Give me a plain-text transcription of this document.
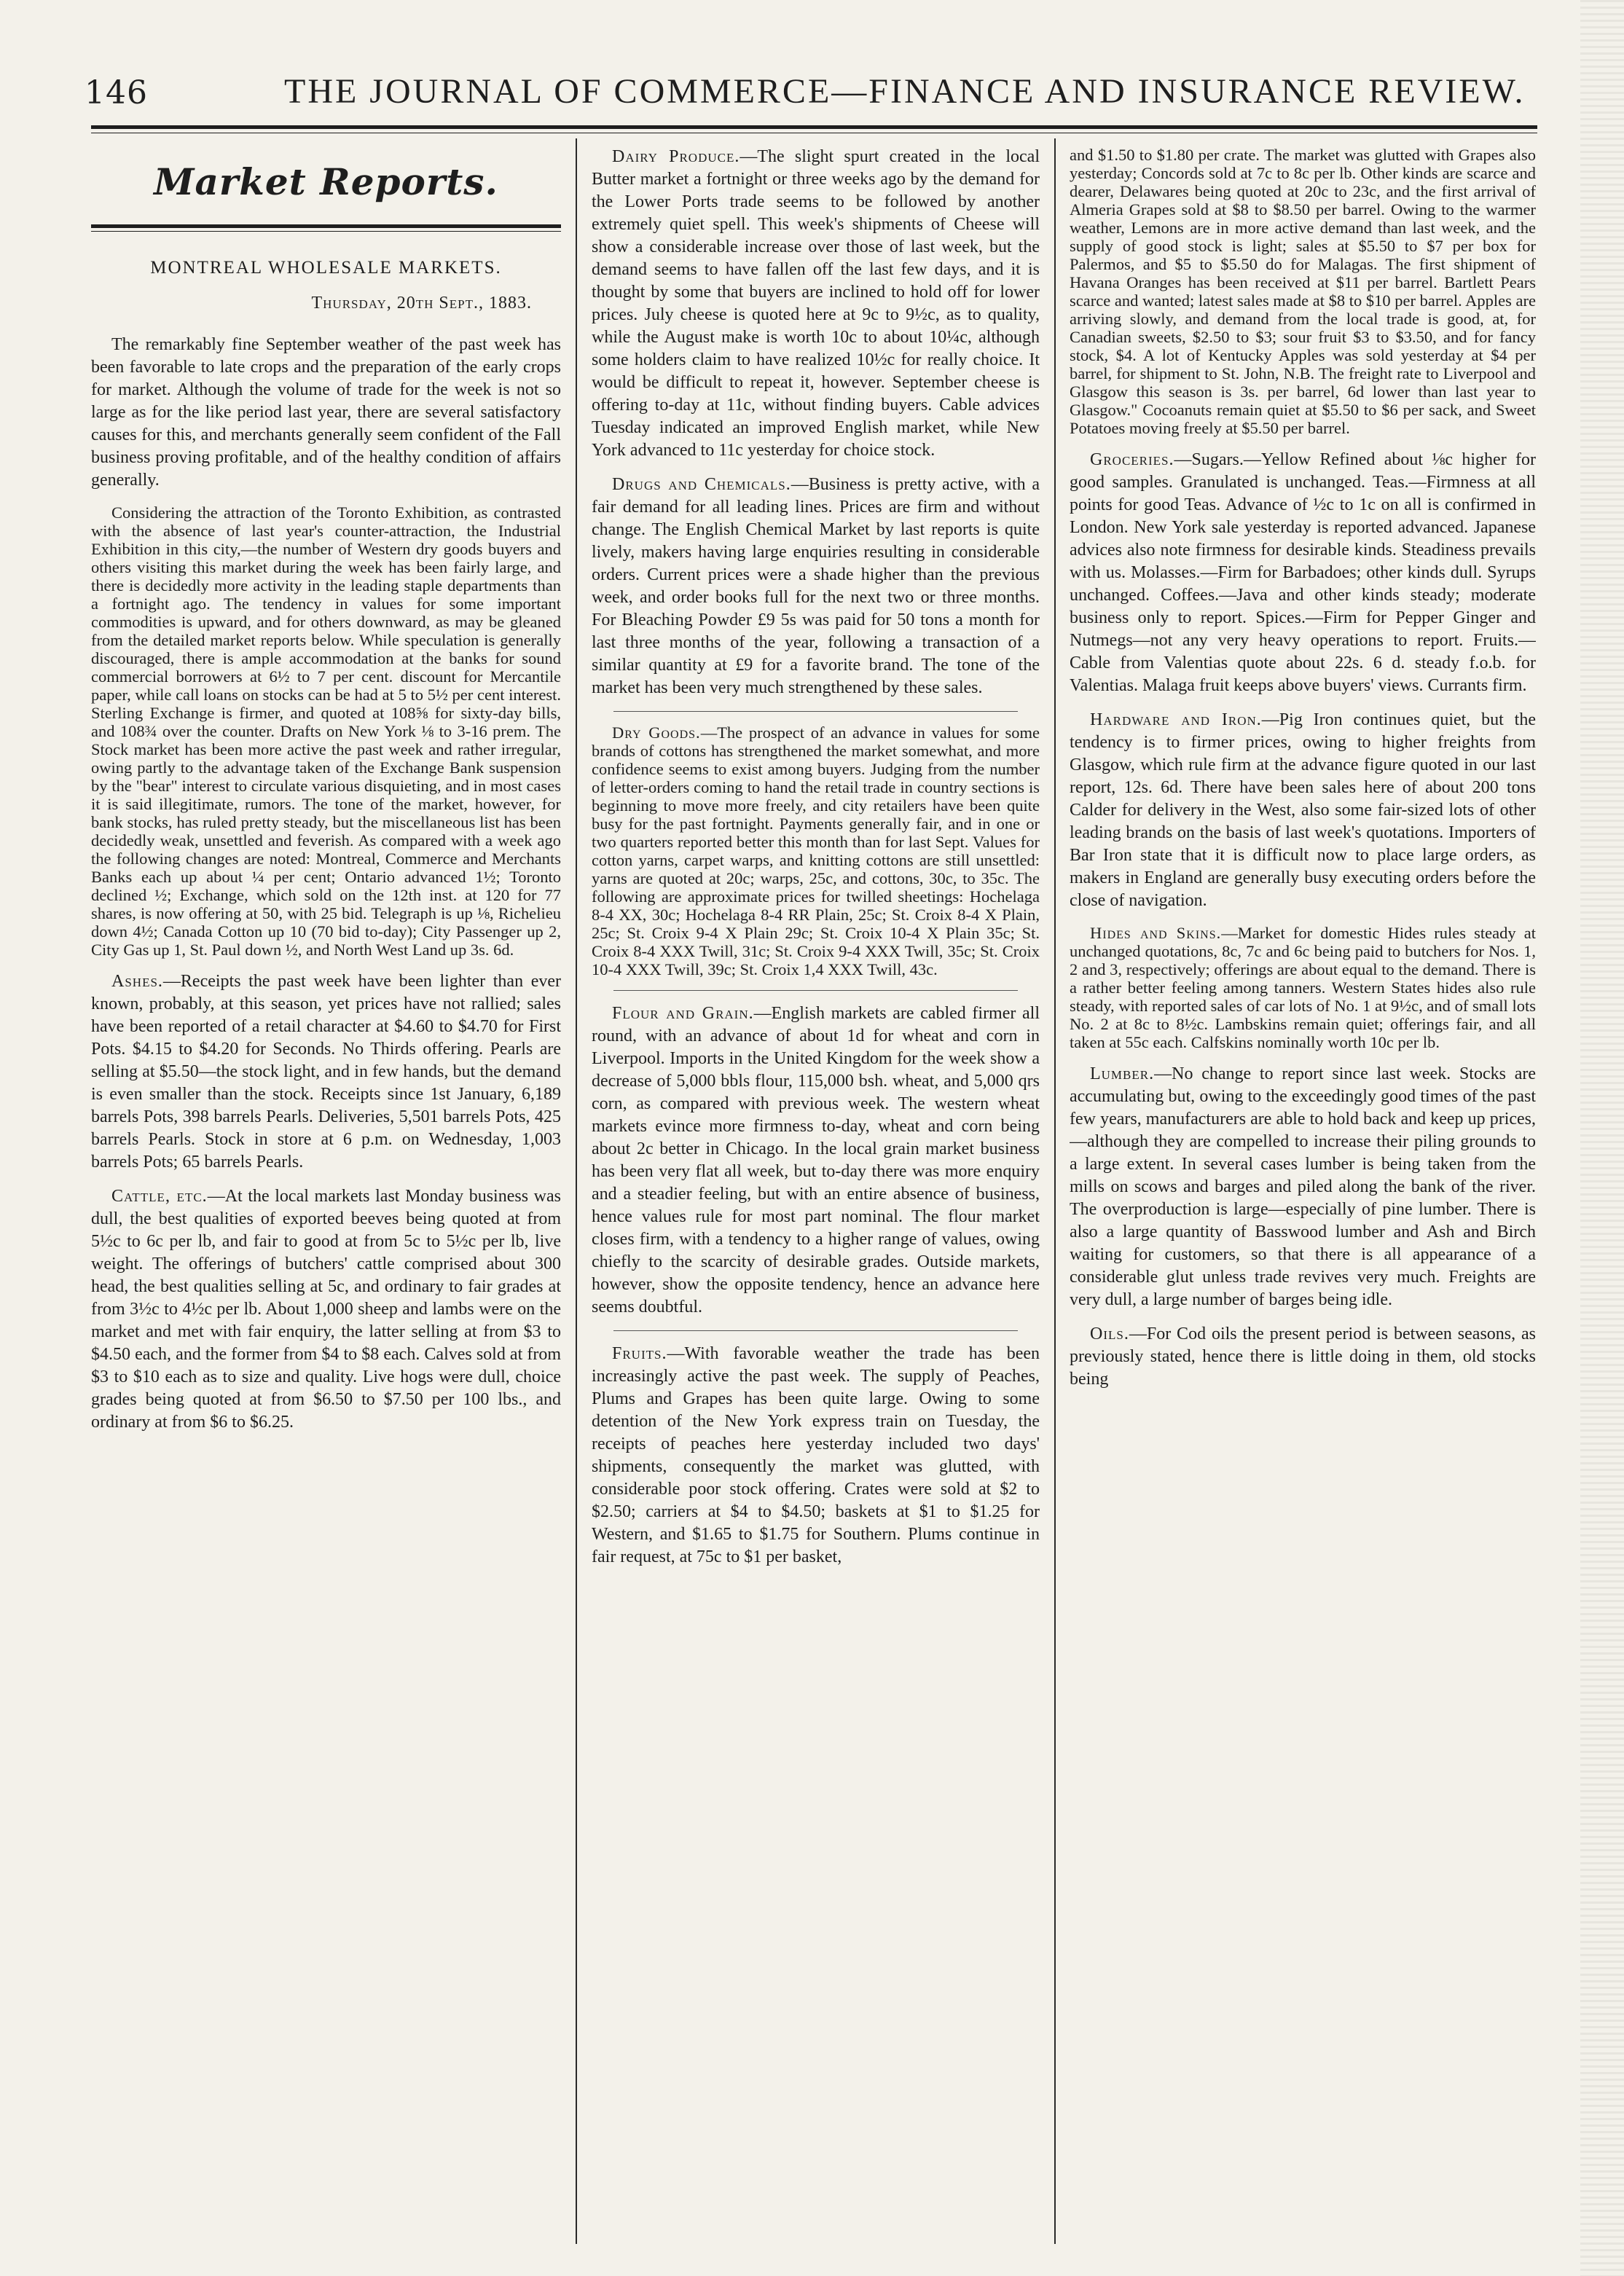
146	THE JOURNAL OF COMMERCE—FINANCE AND INSURANCE REVIEW.
Market Reports.
MONTREAL WHOLESALE MARKETS.
Thursday, 20th Sept., 1883.

The remarkably fine September weather of the past week has been favorable to late crops and the preparation of the early crops for market. Although the volume of trade for the week is not so large as for the like period last year, there are several satisfactory causes for this, and merchants generally seem confident of the Fall business proving profitable, and of the healthy condition of affairs generally.

Considering the attraction of the Toronto Exhibition, as contrasted with the absence of last year's counter-attraction, the Industrial Exhibition in this city,—the number of Western dry goods buyers and others visiting this market during the week has been fairly large, and there is decidedly more activity in the leading staple departments than a fortnight ago. The tendency in values for some important commodities is upward, and for others downward, as may be gleaned from the detailed market reports below. While speculation is generally discouraged, there is ample accommodation at the banks for sound commercial borrowers at 6½ to 7 per cent. discount for Mercantile paper, while call loans on stocks can be had at 5 to 5½ per cent interest. Sterling Exchange is firmer, and quoted at 108⅝ for sixty-day bills, and 108¾ over the counter. Drafts on New York ⅛ to 3-16 prem. The Stock market has been more active the past week and rather irregular, owing partly to the advantage taken of the Exchange Bank suspension by the "bear" interest to circulate various disquieting, and in most cases it is said illegitimate, rumors. The tone of the market, however, for bank stocks, has ruled pretty steady, but the miscellaneous list has been decidedly weak, unsettled and feverish. As compared with a week ago the following changes are noted: Montreal, Commerce and Merchants Banks each up about ¼ per cent; Ontario advanced 1½; Toronto declined ½; Exchange, which sold on the 12th inst. at 120 for 77 shares, is now offering at 50, with 25 bid. Telegraph is up ⅛, Richelieu down 4½; Canada Cotton up 10 (70 bid to-day); City Passenger up 2, City Gas up 1, St. Paul down ½, and North West Land up 3s. 6d.

Ashes.—Receipts the past week have been lighter than ever known, probably, at this season, yet prices have not rallied; sales have been reported of a retail character at $4.60 to $4.70 for First Pots. $4.15 to $4.20 for Seconds. No Thirds offering. Pearls are selling at $5.50—the stock light, and in few hands, but the demand is even smaller than the stock. Receipts since 1st January, 6,189 barrels Pots, 398 barrels Pearls. Deliveries, 5,501 barrels Pots, 425 barrels Pearls. Stock in store at 6 p.m. on Wednesday, 1,003 barrels Pots; 65 barrels Pearls.

Cattle, etc.—At the local markets last Monday business was dull, the best qualities of exported beeves being quoted at from 5½c to 6c per lb, and fair to good at from 5c to 5½c per lb, live weight. The offerings of butchers' cattle comprised about 300 head, the best qualities selling at 5c, and ordinary to fair grades at from 3½c to 4½c per lb. About 1,000 sheep and lambs were on the market and met with fair enquiry, the latter selling at from $3 to $4.50 each, and the former from $4 to $8 each. Calves sold at from $3 to $10 each as to size and quality. Live hogs were dull, choice grades being quoted at from $6.50 to $7.50 per 100 lbs., and ordinary at from $6 to $6.25.

Dairy Produce.—The slight spurt created in the local Butter market a fortnight or three weeks ago by the demand for the Lower Ports trade seems to be followed by another extremely quiet spell. This week's shipments of Cheese will show a considerable increase over those of last week, but the demand seems to have fallen off the last few days, and it is thought by some that buyers are inclined to hold off for lower prices. July cheese is quoted here at 9c to 9½c, as to quality, while the August make is worth 10c to about 10¼c, although some holders claim to have realized 10½c for really choice. It would be difficult to repeat it, however. September cheese is offering to-day at 11c, without finding buyers. Cable advices Tuesday indicated an improved English market, while New York advanced to 11c yesterday for choice stock.

Drugs and Chemicals.—Business is pretty active, with a fair demand for all leading lines. Prices are firm and without change. The English Chemical Market by last reports is quite lively, makers having large enquiries resulting in considerable orders. Current prices were a shade higher than the previous week, and order books full for the next two or three months. For Bleaching Powder £9 5s was paid for 50 tons a month for last three months of the year, following a transaction of a similar quantity at £9 for a favorite brand. The tone of the market has been very much strengthened by these sales.

Dry Goods.—The prospect of an advance in values for some brands of cottons has strengthened the market somewhat, and more confidence seems to exist among buyers. Judging from the number of letter-orders coming to hand the retail trade in country sections is beginning to move more freely, and city retailers have been quite busy for the past fortnight. Payments generally fair, and in one or two quarters reported better this month than for last Sept. Values for cotton yarns, carpet warps, and knitting cottons are still unsettled: yarns are quoted at 20c; warps, 25c, and cottons, 30c, to 35c. The following are approximate prices for twilled sheetings: Hochelaga 8-4 XX, 30c; Hochelaga 8-4 RR Plain, 25c; St. Croix 8-4 X Plain, 25c; St. Croix 9-4 X Plain 29c; St. Croix 10-4 X Plain 35c; St. Croix 8-4 XXX Twill, 31c; St. Croix 9-4 XXX Twill, 35c; St. Croix 10-4 XXX Twill, 39c; St. Croix 1,4 XXX Twill, 43c.

Flour and Grain.—English markets are cabled firmer all round, with an advance of about 1d for wheat and corn in Liverpool. Imports in the United Kingdom for the week show a decrease of 5,000 bbls flour, 115,000 bsh. wheat, and 5,000 qrs corn, as compared with previous week. The western wheat markets evince more firmness to-day, wheat and corn being about 2c better in Chicago. In the local grain market business has been very flat all week, but to-day there was more enquiry and a steadier feeling, but with an entire absence of business, hence values rule for most part nominal. The flour market closes firm, with a tendency to a higher range of values, owing chiefly to the scarcity of desirable grades. Outside markets, however, show the opposite tendency, hence an advance here seems doubtful.

Fruits.—With favorable weather the trade has been increasingly active the past week. The supply of Peaches, Plums and Grapes has been quite large. Owing to some detention of the New York express train on Tuesday, the receipts of peaches here yesterday included two days' shipments, consequently the market was glutted, with considerable poor stock offering. Crates were sold at $2 to $2.50; carriers at $4 to $4.50; baskets at $1 to $1.25 for Western, and $1.65 to $1.75 for Southern. Plums continue in fair request, at 75c to $1 per basket,

and $1.50 to $1.80 per crate. The market was glutted with Grapes also yesterday; Concords sold at 7c to 8c per lb. Other kinds are scarce and dearer, Delawares being quoted at 20c to 23c, and the first arrival of Almeria Grapes sold at $8 to $8.50 per barrel. Owing to the warmer weather, Lemons are in more active demand than last week, and the supply of good stock is light; sales at $5.50 to $7 per box for Palermos, and $5 to $5.50 do for Malagas. The first shipment of Havana Oranges has been received at $11 per barrel. Bartlett Pears scarce and wanted; latest sales made at $8 to $10 per barrel. Apples are arriving slowly, and demand from the local trade is good, at, for Canadian sweets, $2.50 to $3; sour fruit $3 to $3.50, and for fancy stock, $4. A lot of Kentucky Apples was sold yesterday at $4 per barrel, for shipment to St. John, N.B. The freight rate to Liverpool and Glasgow this season is 3s. per barrel, 6d lower than last year to Glasgow." Cocoanuts remain quiet at $5.50 to $6 per sack, and Sweet Potatoes moving freely at $5.50 per barrel.

Groceries.—Sugars.—Yellow Refined about ⅛c higher for good samples. Granulated is unchanged. Teas.—Firmness at all points for good Teas. Advance of ½c to 1c on all is confirmed in London. New York sale yesterday is reported advanced. Japanese advices also note firmness for desirable kinds. Steadiness prevails with us. Molasses.—Firm for Barbadoes; other kinds dull. Syrups unchanged. Coffees.—Java and other kinds steady; moderate business only to report. Spices.—Firm for Pepper Ginger and Nutmegs—not any very heavy operations to report. Fruits.—Cable from Valentias quote about 22s. 6 d. steady f.o.b. for Valentias. Malaga fruit keeps above buyers' views. Currants firm.

Hardware and Iron.—Pig Iron continues quiet, but the tendency is to firmer prices, owing to higher freights from Glasgow, which rule firm at the advance figure quoted in our last report, 12s. 6d. There have been sales here of about 200 tons Calder for delivery in the West, also some fair-sized lots of other leading brands on the basis of last week's quotations. Importers of Bar Iron state that it is difficult now to place large orders, as makers in England are generally busy executing orders before the close of navigation.

Hides and Skins.—Market for domestic Hides rules steady at unchanged quotations, 8c, 7c and 6c being paid to butchers for Nos. 1, 2 and 3, respectively; offerings are about equal to the demand. There is a rather better feeling among tanners. Western States hides also rule steady, with reported sales of car lots of No. 1 at 9½c, and of small lots No. 2 at 8c to 8½c. Lambskins remain quiet; offerings fair, and all taken at 55c each. Calfskins nominally worth 10c per lb.

Lumber.—No change to report since last week. Stocks are accumulating but, owing to the exceedingly good times of the past few years, manufacturers are able to hold back and keep up prices,—although they are compelled to increase their piling grounds to a large extent. In several cases lumber is being taken from the mills on scows and barges and piled along the bank of the river. The overproduction is large—especially of pine lumber. There is also a large quantity of Basswood lumber and Ash and Birch waiting for customers, so that there is all appearance of a considerable glut unless trade revives very much. Freights are very dull, a large number of barges being idle.

Oils.—For Cod oils the present period is between seasons, as previously stated, hence there is little doing in them, old stocks being
